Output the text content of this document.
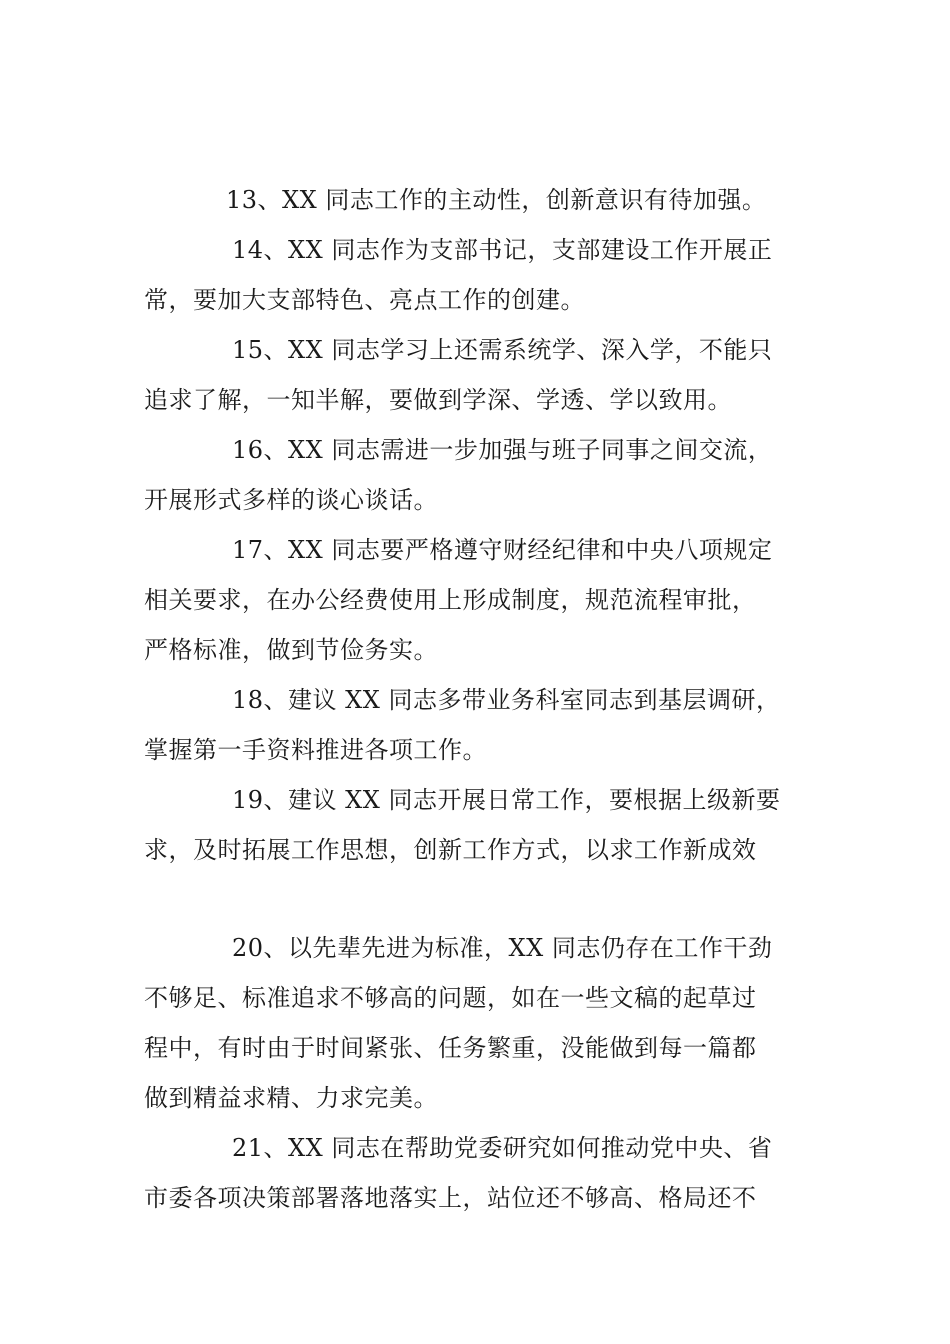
13、XX 同志工作的主动性，创新意识有待加强。

14、XX 同志作为支部书记，支部建设工作开展正

常，要加大支部特色、亮点工作的创建。

15、XX 同志学习上还需系统学、深入学，不能只

追求了解，一知半解，要做到学深、学透、学以致用。

16、XX 同志需进一步加强与班子同事之间交流，

开展形式多样的谈心谈话。

17、XX 同志要严格遵守财经纪律和中央八项规定

相关要求，在办公经费使用上形成制度，规范流程审批，

严格标准，做到节俭务实。

18、建议 XX 同志多带业务科室同志到基层调研，

掌握第一手资料推进各项工作。

19、建议 XX 同志开展日常工作，要根据上级新要

求，及时拓展工作思想，创新工作方式，以求工作新成效

20、以先辈先进为标准，XX 同志仍存在工作干劲

不够足、标准追求不够高的问题，如在一些文稿的起草过

程中，有时由于时间紧张、任务繁重，没能做到每一篇都

做到精益求精、力求完美。

21、XX 同志在帮助党委研究如何推动党中央、省

市委各项决策部署落地落实上，站位还不够高、格局还不
